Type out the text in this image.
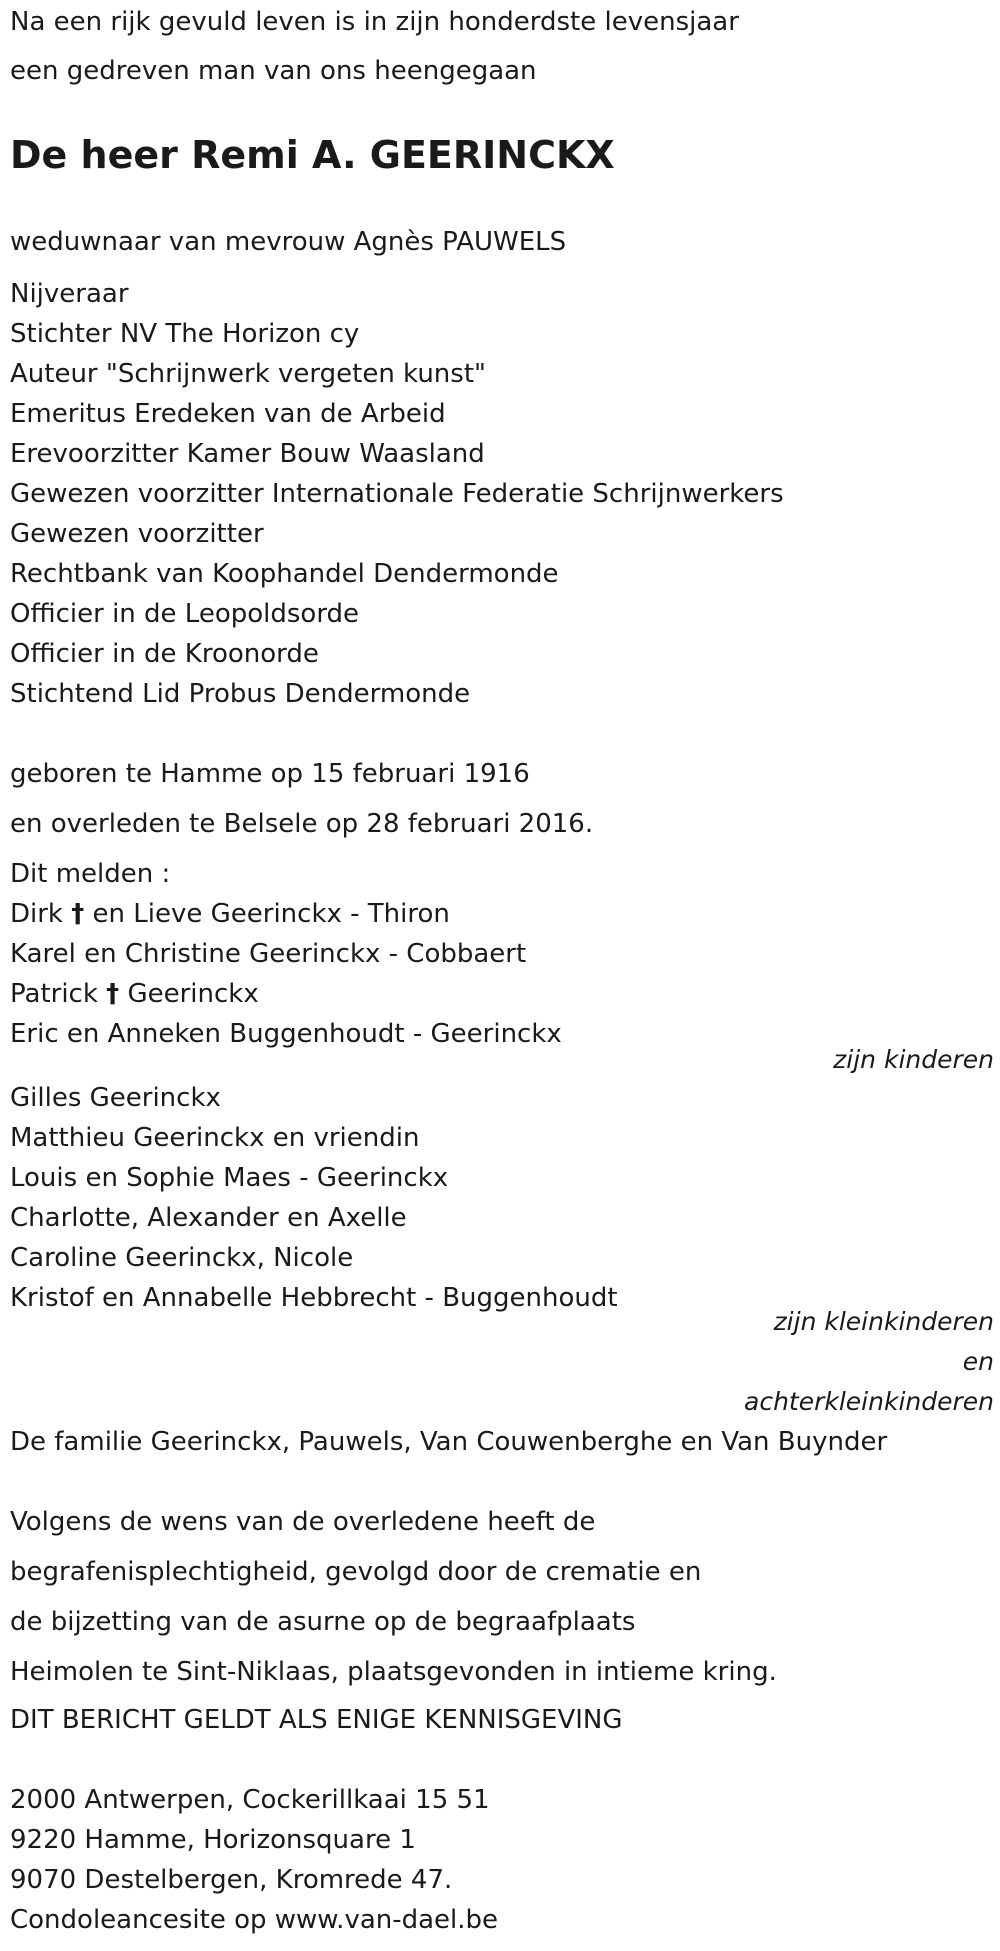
Na een rijk gevuld leven is in zijn honderdste levensjaar
een gedreven man van ons heengegaan
De heer Remi A. GEERINCKX
weduwnaar van mevrouw Agnès PAUWELS
Nijveraar
Stichter NV The Horizon cy
Auteur "Schrijnwerk vergeten kunst"
Emeritus Eredeken van de Arbeid
Erevoorzitter Kamer Bouw Waasland
Gewezen voorzitter Internationale Federatie Schrijnwerkers
Gewezen voorzitter
Rechtbank van Koophandel Dendermonde
Officier in de Leopoldsorde
Officier in de Kroonorde
Stichtend Lid Probus Dendermonde
geboren te Hamme op 15 februari 1916
en overleden te Belsele op 28 februari 2016.
Dit melden :
Dirk † en Lieve Geerinckx - Thiron
Karel en Christine Geerinckx - Cobbaert
Patrick † Geerinckx
Eric en Anneken Buggenhoudt - Geerinckx
zijn kinderen
Gilles Geerinckx
Matthieu Geerinckx en vriendin
Louis en Sophie Maes - Geerinckx
Charlotte, Alexander en Axelle
Caroline Geerinckx, Nicole
Kristof en Annabelle Hebbrecht - Buggenhoudt
zijn kleinkinderen
en
achterkleinkinderen
De familie Geerinckx, Pauwels, Van Couwenberghe en Van Buynder
Volgens de wens van de overledene heeft de
begrafenisplechtigheid, gevolgd door de crematie en
de bijzetting van de asurne op de begraafplaats
Heimolen te Sint-Niklaas, plaatsgevonden in intieme kring.
DIT BERICHT GELDT ALS ENIGE KENNISGEVING
2000 Antwerpen, Cockerillkaai 15 51
9220 Hamme, Horizonsquare 1
9070 Destelbergen, Kromrede 47.
Condoleancesite op www.van-dael.be
